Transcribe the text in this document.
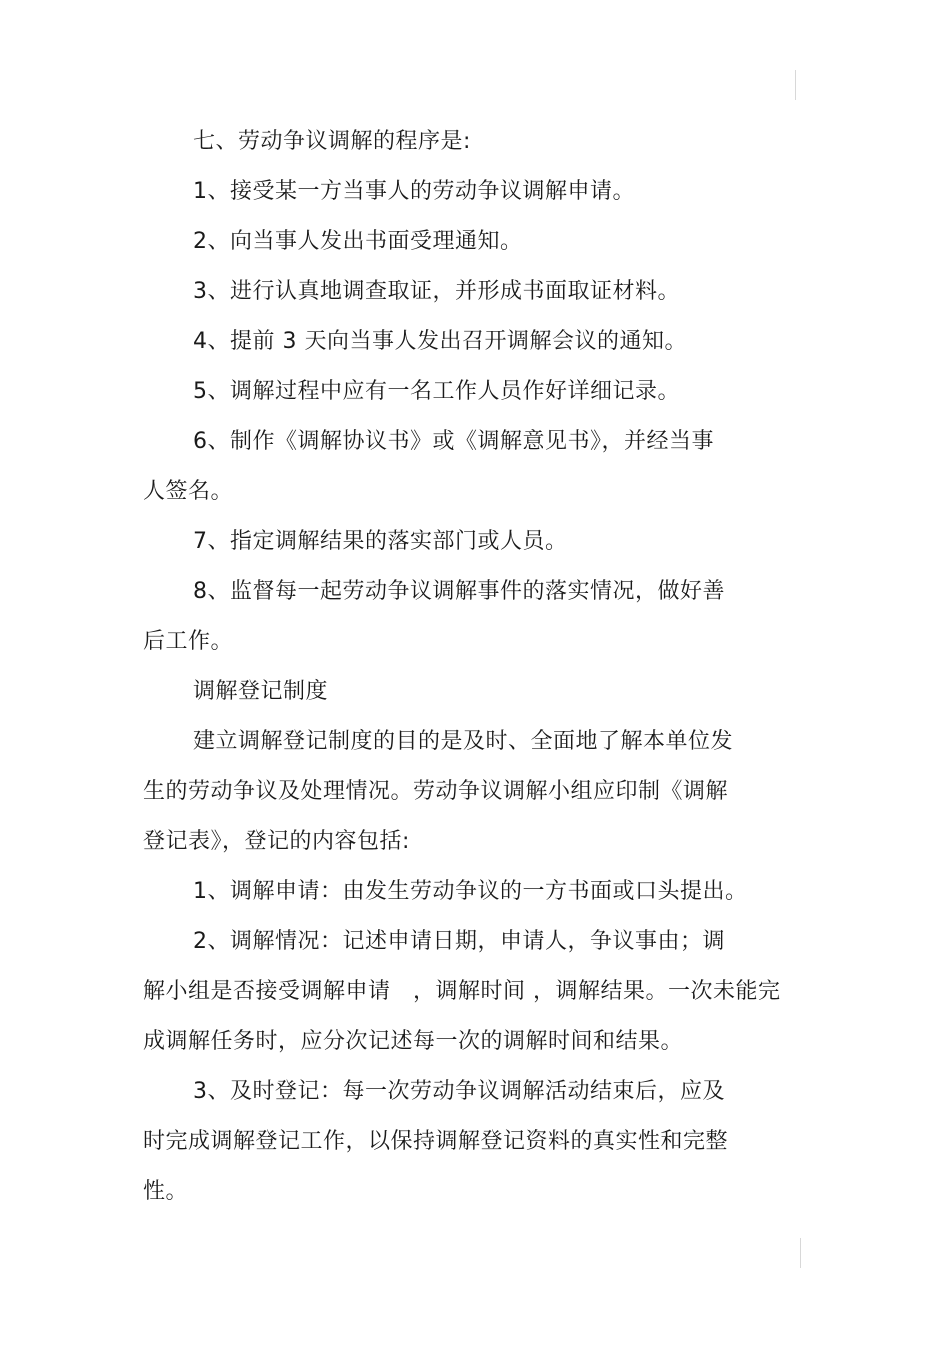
七、劳动争议调解的程序是:
1、接受某一方当事人的劳动争议调解申请。
2、向当事人发出书面受理通知。
3、进行认真地调查取证，并形成书面取证材料。
4、提前 3 天向当事人发出召开调解会议的通知。
5、调解过程中应有一名工作人员作好详细记录。
6、制作《调解协议书》或《调解意见书》，并经当事
人签名。
7、指定调解结果的落实部门或人员。
8、监督每一起劳动争议调解事件的落实情况，做好善
后工作。
调解登记制度
建立调解登记制度的目的是及时、全面地了解本单位发
生的劳动争议及处理情况。劳动争议调解小组应印制《调解
登记表》，登记的内容包括:
1、调解申请：由发生劳动争议的一方书面或口头提出。
2、调解情况：记述申请日期，申请人，争议事由；调
解小组是否接受调解申请　，调解时间 ，调解结果。一次未能完
成调解任务时，应分次记述每一次的调解时间和结果。
3、及时登记：每一次劳动争议调解活动结束后，应及
时完成调解登记工作，以保持调解登记资料的真实性和完整
性。
